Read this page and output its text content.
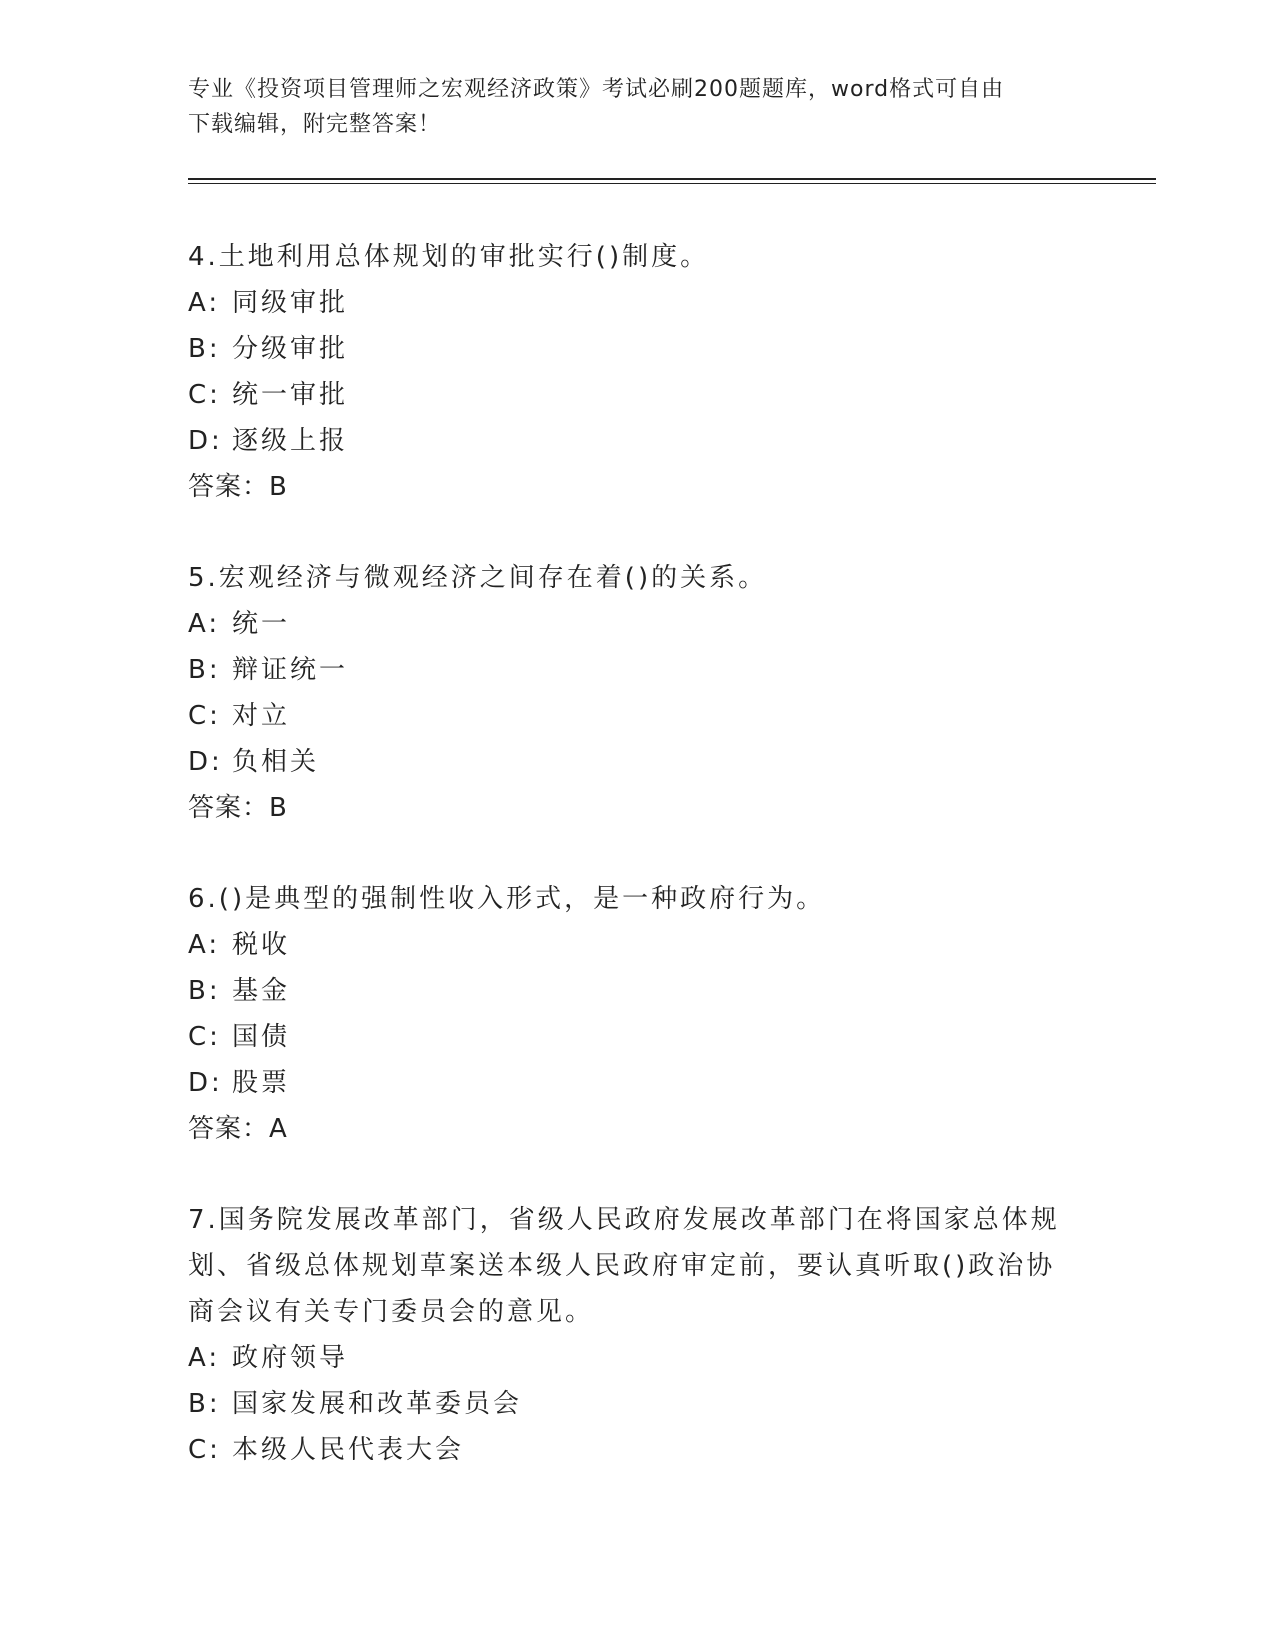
专业《投资项目管理师之宏观经济政策》考试必刷200题题库，word格式可自由
下载编辑，附完整答案！

4.土地利用总体规划的审批实行()制度。

A: 同级审批

B: 分级审批

C: 统一审批

D: 逐级上报

答案：B

5.宏观经济与微观经济之间存在着()的关系。

A: 统一

B: 辩证统一

C: 对立

D: 负相关

答案：B

6.()是典型的强制性收入形式，是一种政府行为。

A: 税收

B: 基金

C: 国债

D: 股票

答案：A

7.国务院发展改革部门，省级人民政府发展改革部门在将国家总体规划、省级总体规划草案送本级人民政府审定前，要认真听取()政治协商会议有关专门委员会的意见。

A: 政府领导

B: 国家发展和改革委员会

C: 本级人民代表大会
